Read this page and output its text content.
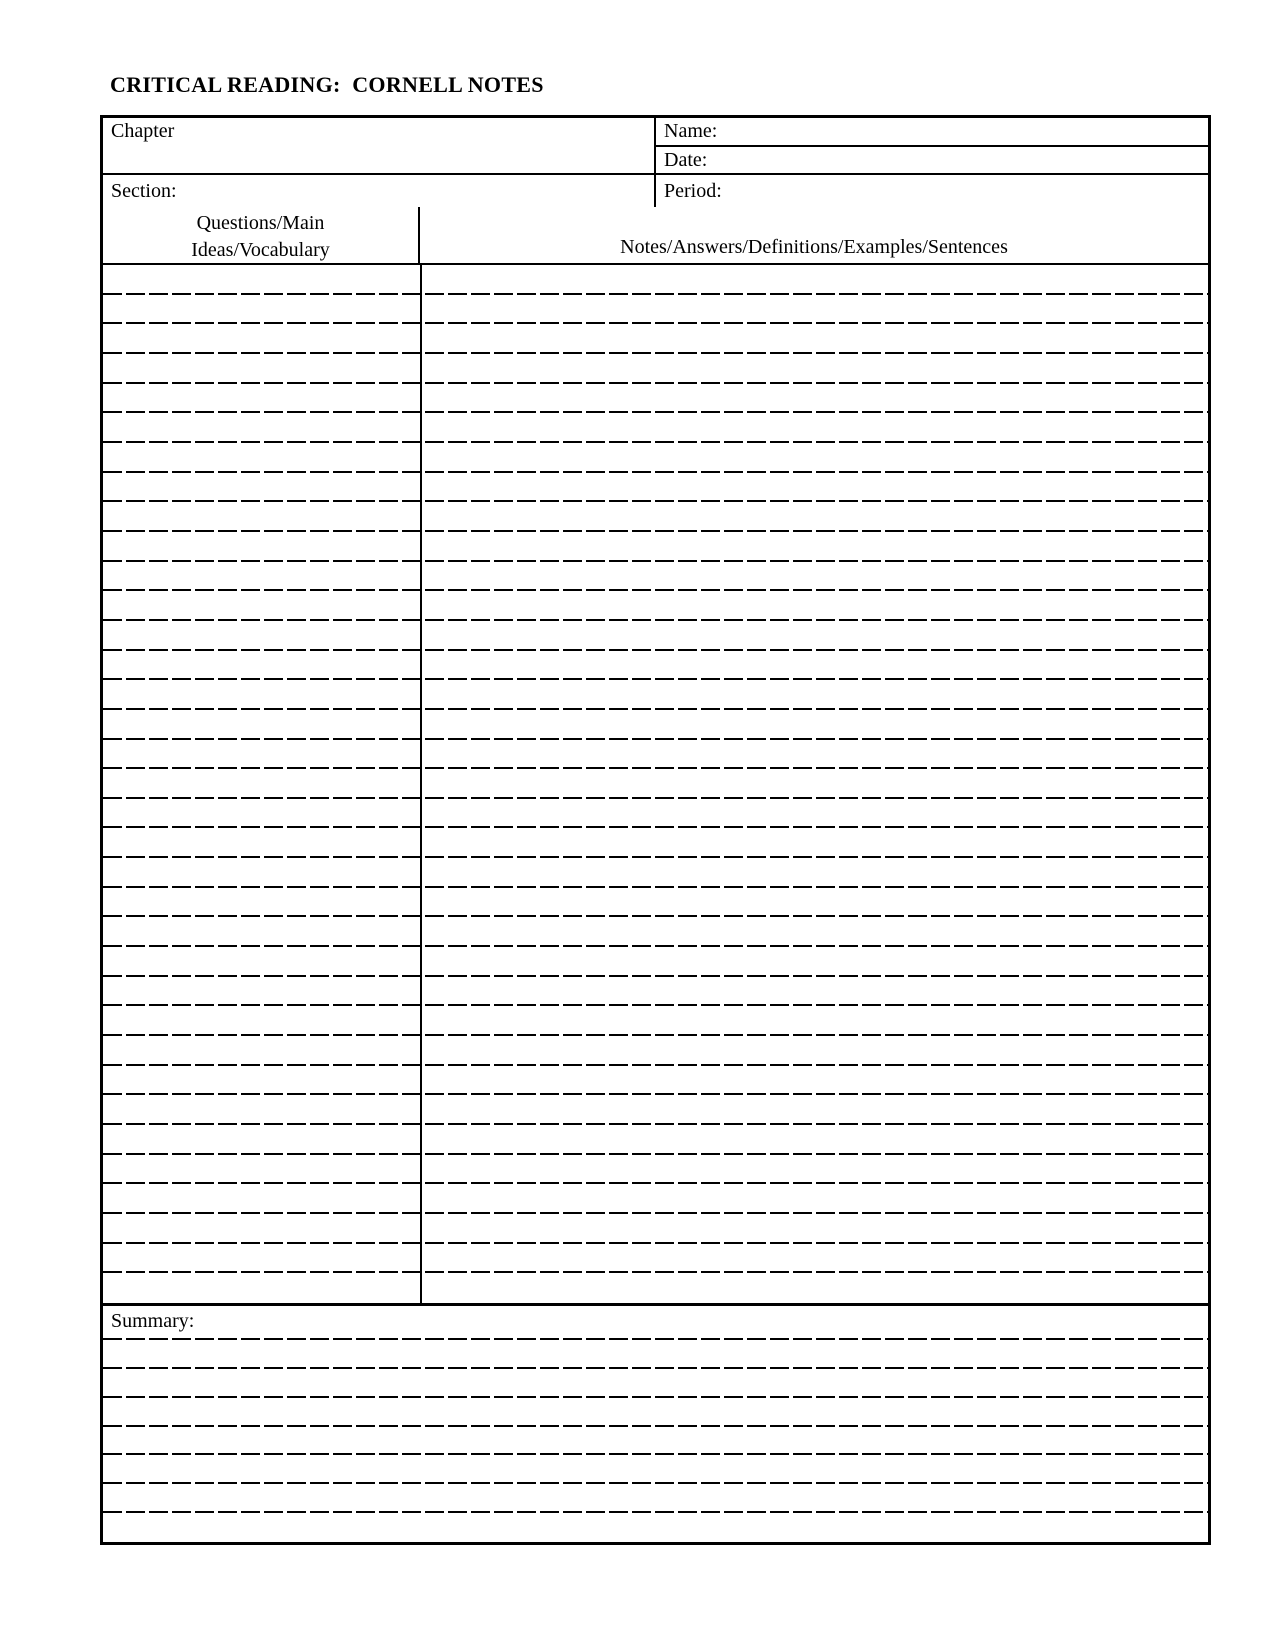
CRITICAL READING:  CORNELL NOTES
Chapter
Section:
Name:
Date:
Period:
Questions/Main
Ideas/Vocabulary	Notes/Answers/Definitions/Examples/Sentences
Summary:
